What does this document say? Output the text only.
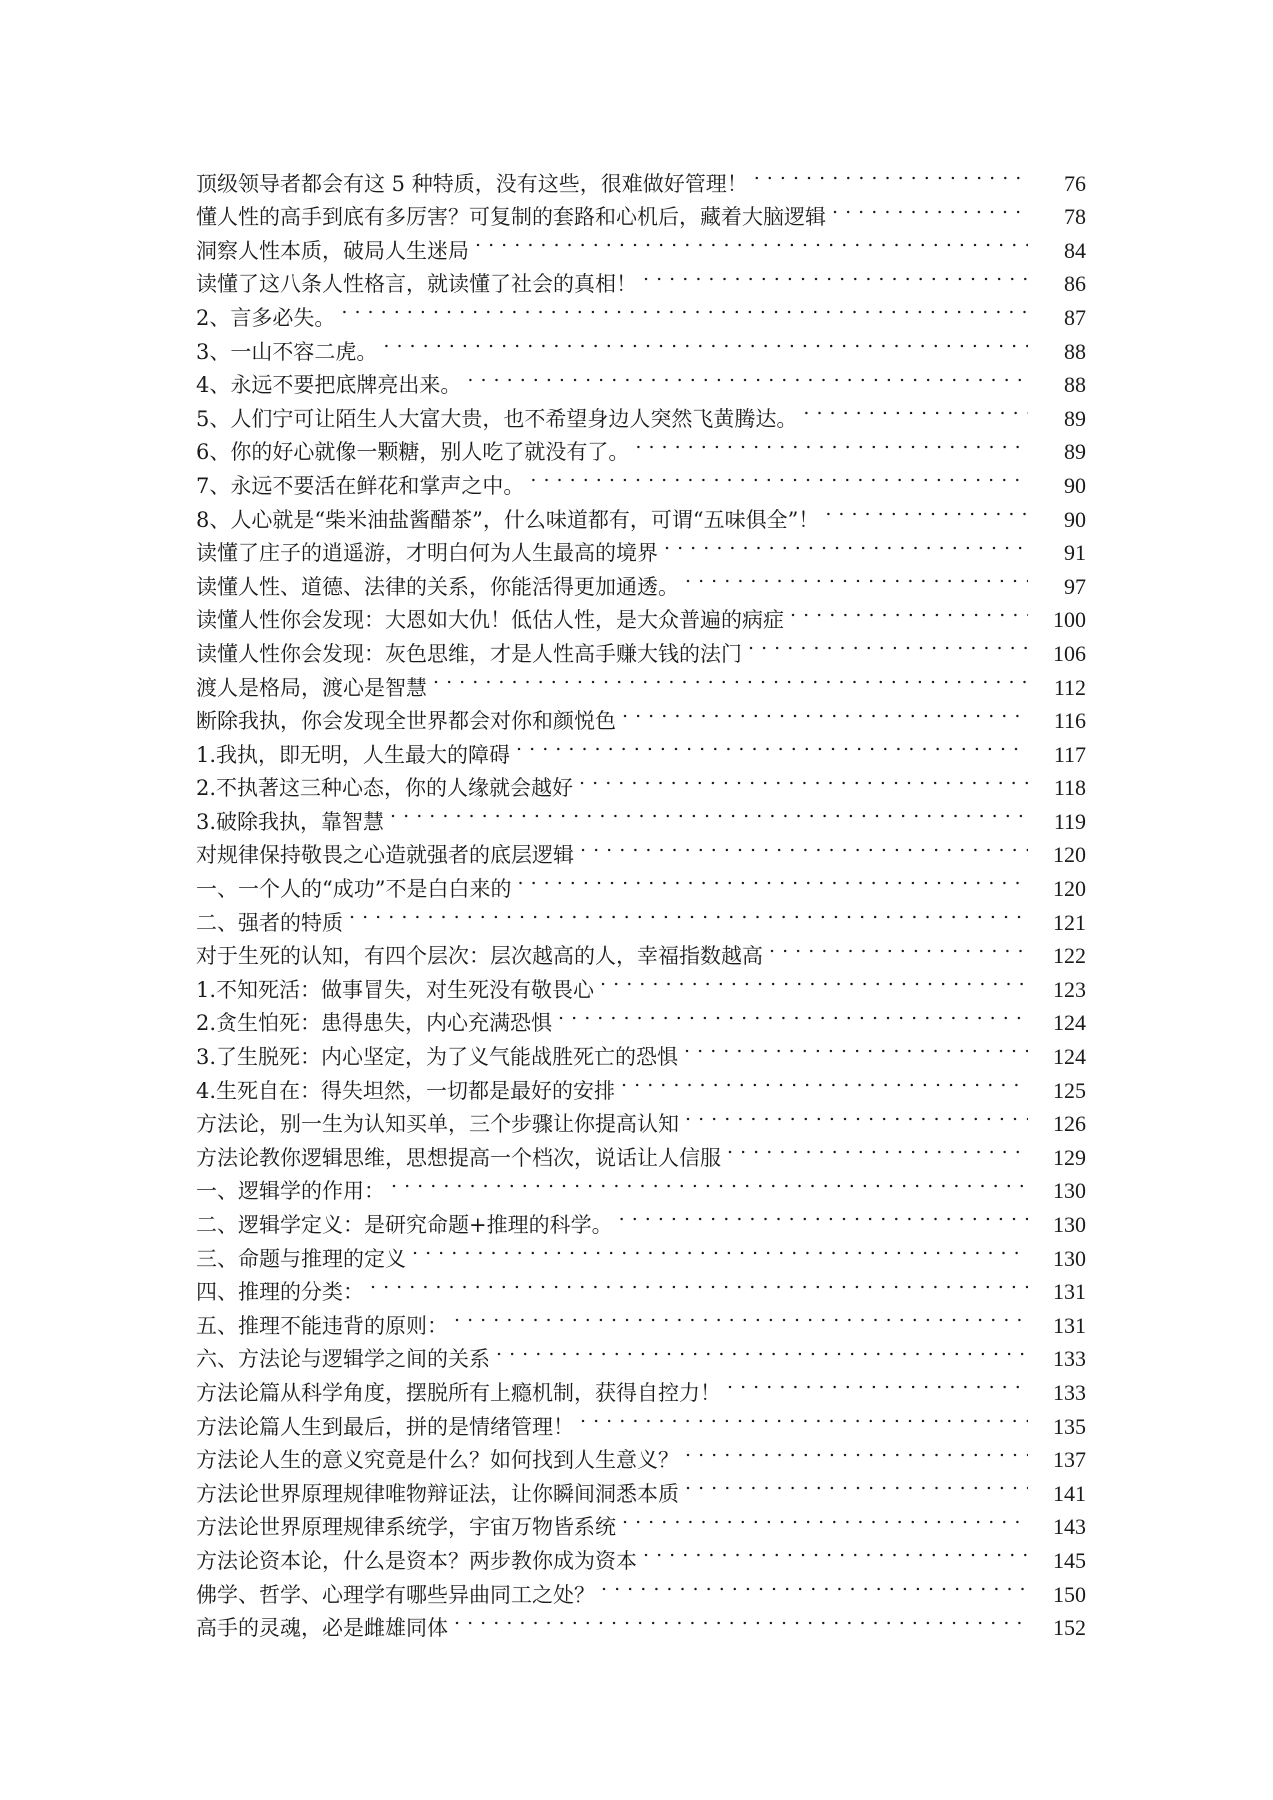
顶级领导者都会有这 5 种特质，没有这些，很难做好管理！ . . .	76
懂人性的高手到底有多厉害？可复制的套路和心机后，藏着大脑逻辑 . . .	78
洞察人性本质，破局人生迷局 . . .	84
读懂了这八条人性格言，就读懂了社会的真相！ . . .	86
2、言多必失。 . . .	87
3、一山不容二虎。 . . .	88
4、永远不要把底牌亮出来。 . . .	88
5、人们宁可让陌生人大富大贵，也不希望身边人突然飞黄腾达。 . . .	89
6、你的好心就像一颗糖，别人吃了就没有了。 . . .	89
7、永远不要活在鲜花和掌声之中。 . . .	90
8、人心就是“柴米油盐酱醋茶”，什么味道都有，可谓“五味俱全”！ . . .	90
读懂了庄子的逍遥游，才明白何为人生最高的境界 . . .	91
读懂人性、道德、法律的关系，你能活得更加通透。 . . .	97
读懂人性你会发现：大恩如大仇！低估人性，是大众普遍的病症 . . .	100
读懂人性你会发现：灰色思维，才是人性高手赚大钱的法门 . . .	106
渡人是格局，渡心是智慧 . . .	112
断除我执，你会发现全世界都会对你和颜悦色 . . .	116
1.我执，即无明，人生最大的障碍 . . .	117
2.不执著这三种心态，你的人缘就会越好 . . .	118
3.破除我执，靠智慧 . . .	119
对规律保持敬畏之心造就强者的底层逻辑 . . .	120
一、一个人的“成功”不是白白来的 . . .	120
二、强者的特质 . . .	121
对于生死的认知，有四个层次：层次越高的人，幸福指数越高 . . .	122
1.不知死活：做事冒失，对生死没有敬畏心 . . .	123
2.贪生怕死：患得患失，内心充满恐惧 . . .	124
3.了生脱死：内心坚定，为了义气能战胜死亡的恐惧 . . .	124
4.生死自在：得失坦然，一切都是最好的安排 . . .	125
方法论，别一生为认知买单，三个步骤让你提高认知 . . .	126
方法论教你逻辑思维，思想提高一个档次，说话让人信服 . . .	129
一、逻辑学的作用： . . .	130
二、逻辑学定义：是研究命题+推理的科学。 . . .	130
三、命题与推理的定义 . . .	130
四、推理的分类： . . .	131
五、推理不能违背的原则： . . .	131
六、方法论与逻辑学之间的关系 . . .	133
方法论篇从科学角度，摆脱所有上瘾机制，获得自控力！ . . .	133
方法论篇人生到最后，拼的是情绪管理！ . . .	135
方法论人生的意义究竟是什么？如何找到人生意义？ . . .	137
方法论世界原理规律唯物辩证法，让你瞬间洞悉本质 . . .	141
方法论世界原理规律系统学，宇宙万物皆系统 . . .	143
方法论资本论，什么是资本？两步教你成为资本 . . .	145
佛学、哲学、心理学有哪些异曲同工之处？ . . .	150
高手的灵魂，必是雌雄同体 . . .	152
